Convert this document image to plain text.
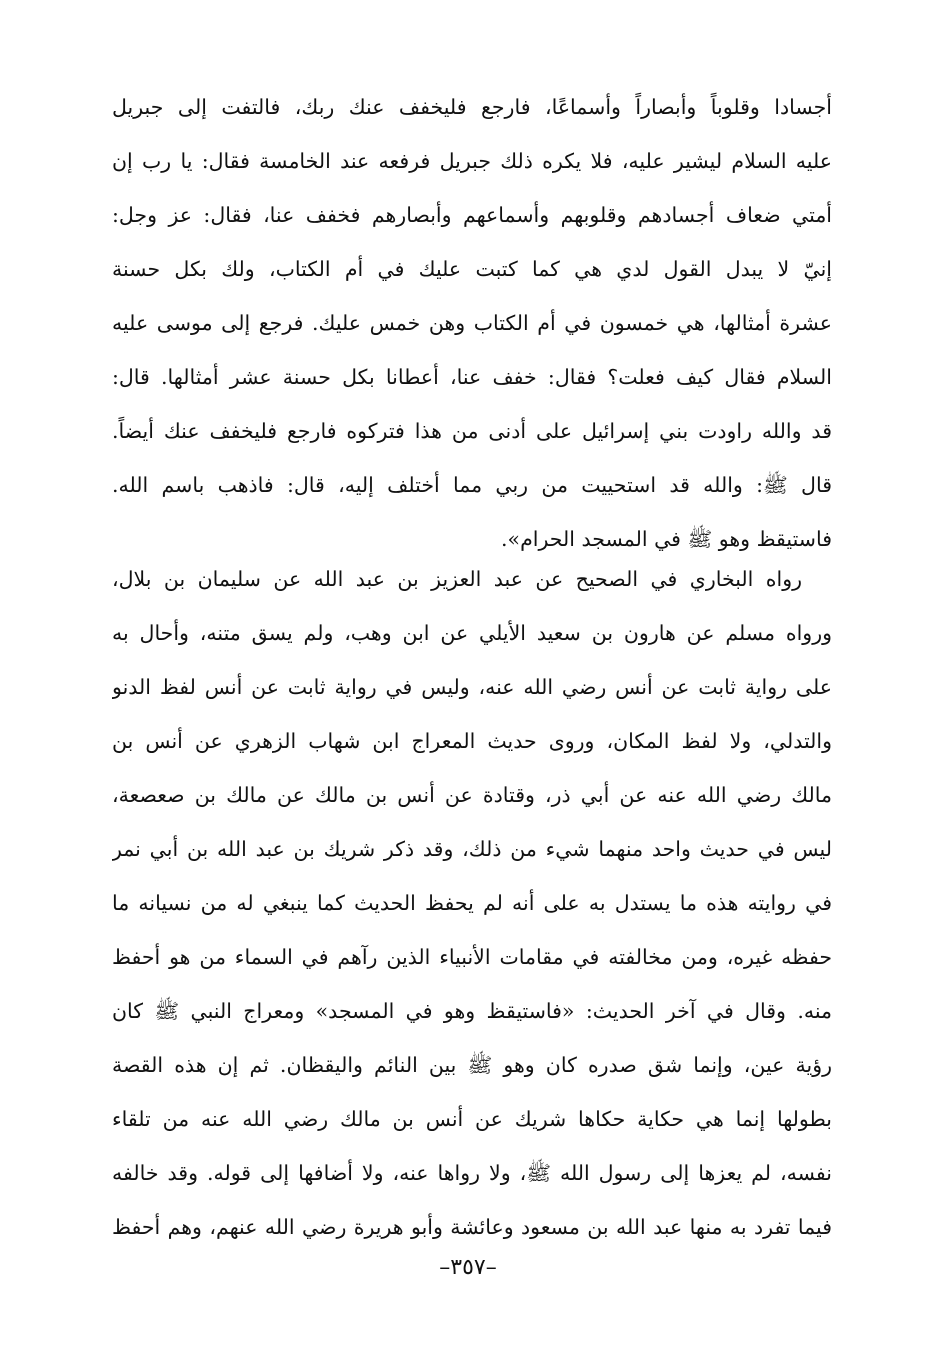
أجسادا وقلوباً وأبصاراً وأسماعًا، فارجع فليخفف عنك ربك، فالتفت إلى جبريل
عليه السلام ليشير عليه، فلا يكره ذلك جبريل فرفعه عند الخامسة فقال: يا رب إن
أمتي ضعاف أجسادهم وقلوبهم وأسماعهم وأبصارهم فخفف عنا، فقال: عز وجل:
إنيّ لا يبدل القول لدي هي كما كتبت عليك في أم الكتاب، ولك بكل حسنة
عشرة أمثالها، هي خمسون في أم الكتاب وهن خمس عليك. فرجع إلى موسى عليه
السلام فقال كيف فعلت؟ فقال: خفف عنا، أعطانا بكل حسنة عشر أمثالها. قال:
قد والله راودت بني إسرائيل على أدنى من هذا فتركوه فارجع فليخفف عنك أيضاً.
قال ﷺ: والله قد استحييت من ربي مما أختلف إليه، قال: فاذهب باسم الله.
فاستيقظ وهو ﷺ في المسجد الحرام».
رواه البخاري في الصحيح عن عبد العزيز بن عبد الله عن سليمان بن بلال،
ورواه مسلم عن هارون بن سعيد الأيلي عن ابن وهب، ولم يسق متنه، وأحال به
على رواية ثابت عن أنس رضي الله عنه، وليس في رواية ثابت عن أنس لفظ الدنو
والتدلي، ولا لفظ المكان، وروى حديث المعراج ابن شهاب الزهري عن أنس بن
مالك رضي الله عنه عن أبي ذر، وقتادة عن أنس بن مالك عن مالك بن صعصعة،
ليس في حديث واحد منهما شيء من ذلك، وقد ذكر شريك بن عبد الله بن أبي نمر
في روايته هذه ما يستدل به على أنه لم يحفظ الحديث كما ينبغي له من نسيانه ما
حفظه غيره، ومن مخالفته في مقامات الأنبياء الذين رآهم في السماء من هو أحفظ
منه. وقال في آخر الحديث: «فاستيقظ وهو في المسجد» ومعراج النبي ﷺ كان
رؤية عين، وإنما شق صدره كان وهو ﷺ بين النائم واليقظان. ثم إن هذه القصة
بطولها إنما هي حكاية حكاها شريك عن أنس بن مالك رضي الله عنه من تلقاء
نفسه، لم يعزها إلى رسول الله ﷺ، ولا رواها عنه، ولا أضافها إلى قوله. وقد خالفه
فيما تفرد به منها عبد الله بن مسعود وعائشة وأبو هريرة رضي الله عنهم، وهم أحفظ
–٣٥٧–
